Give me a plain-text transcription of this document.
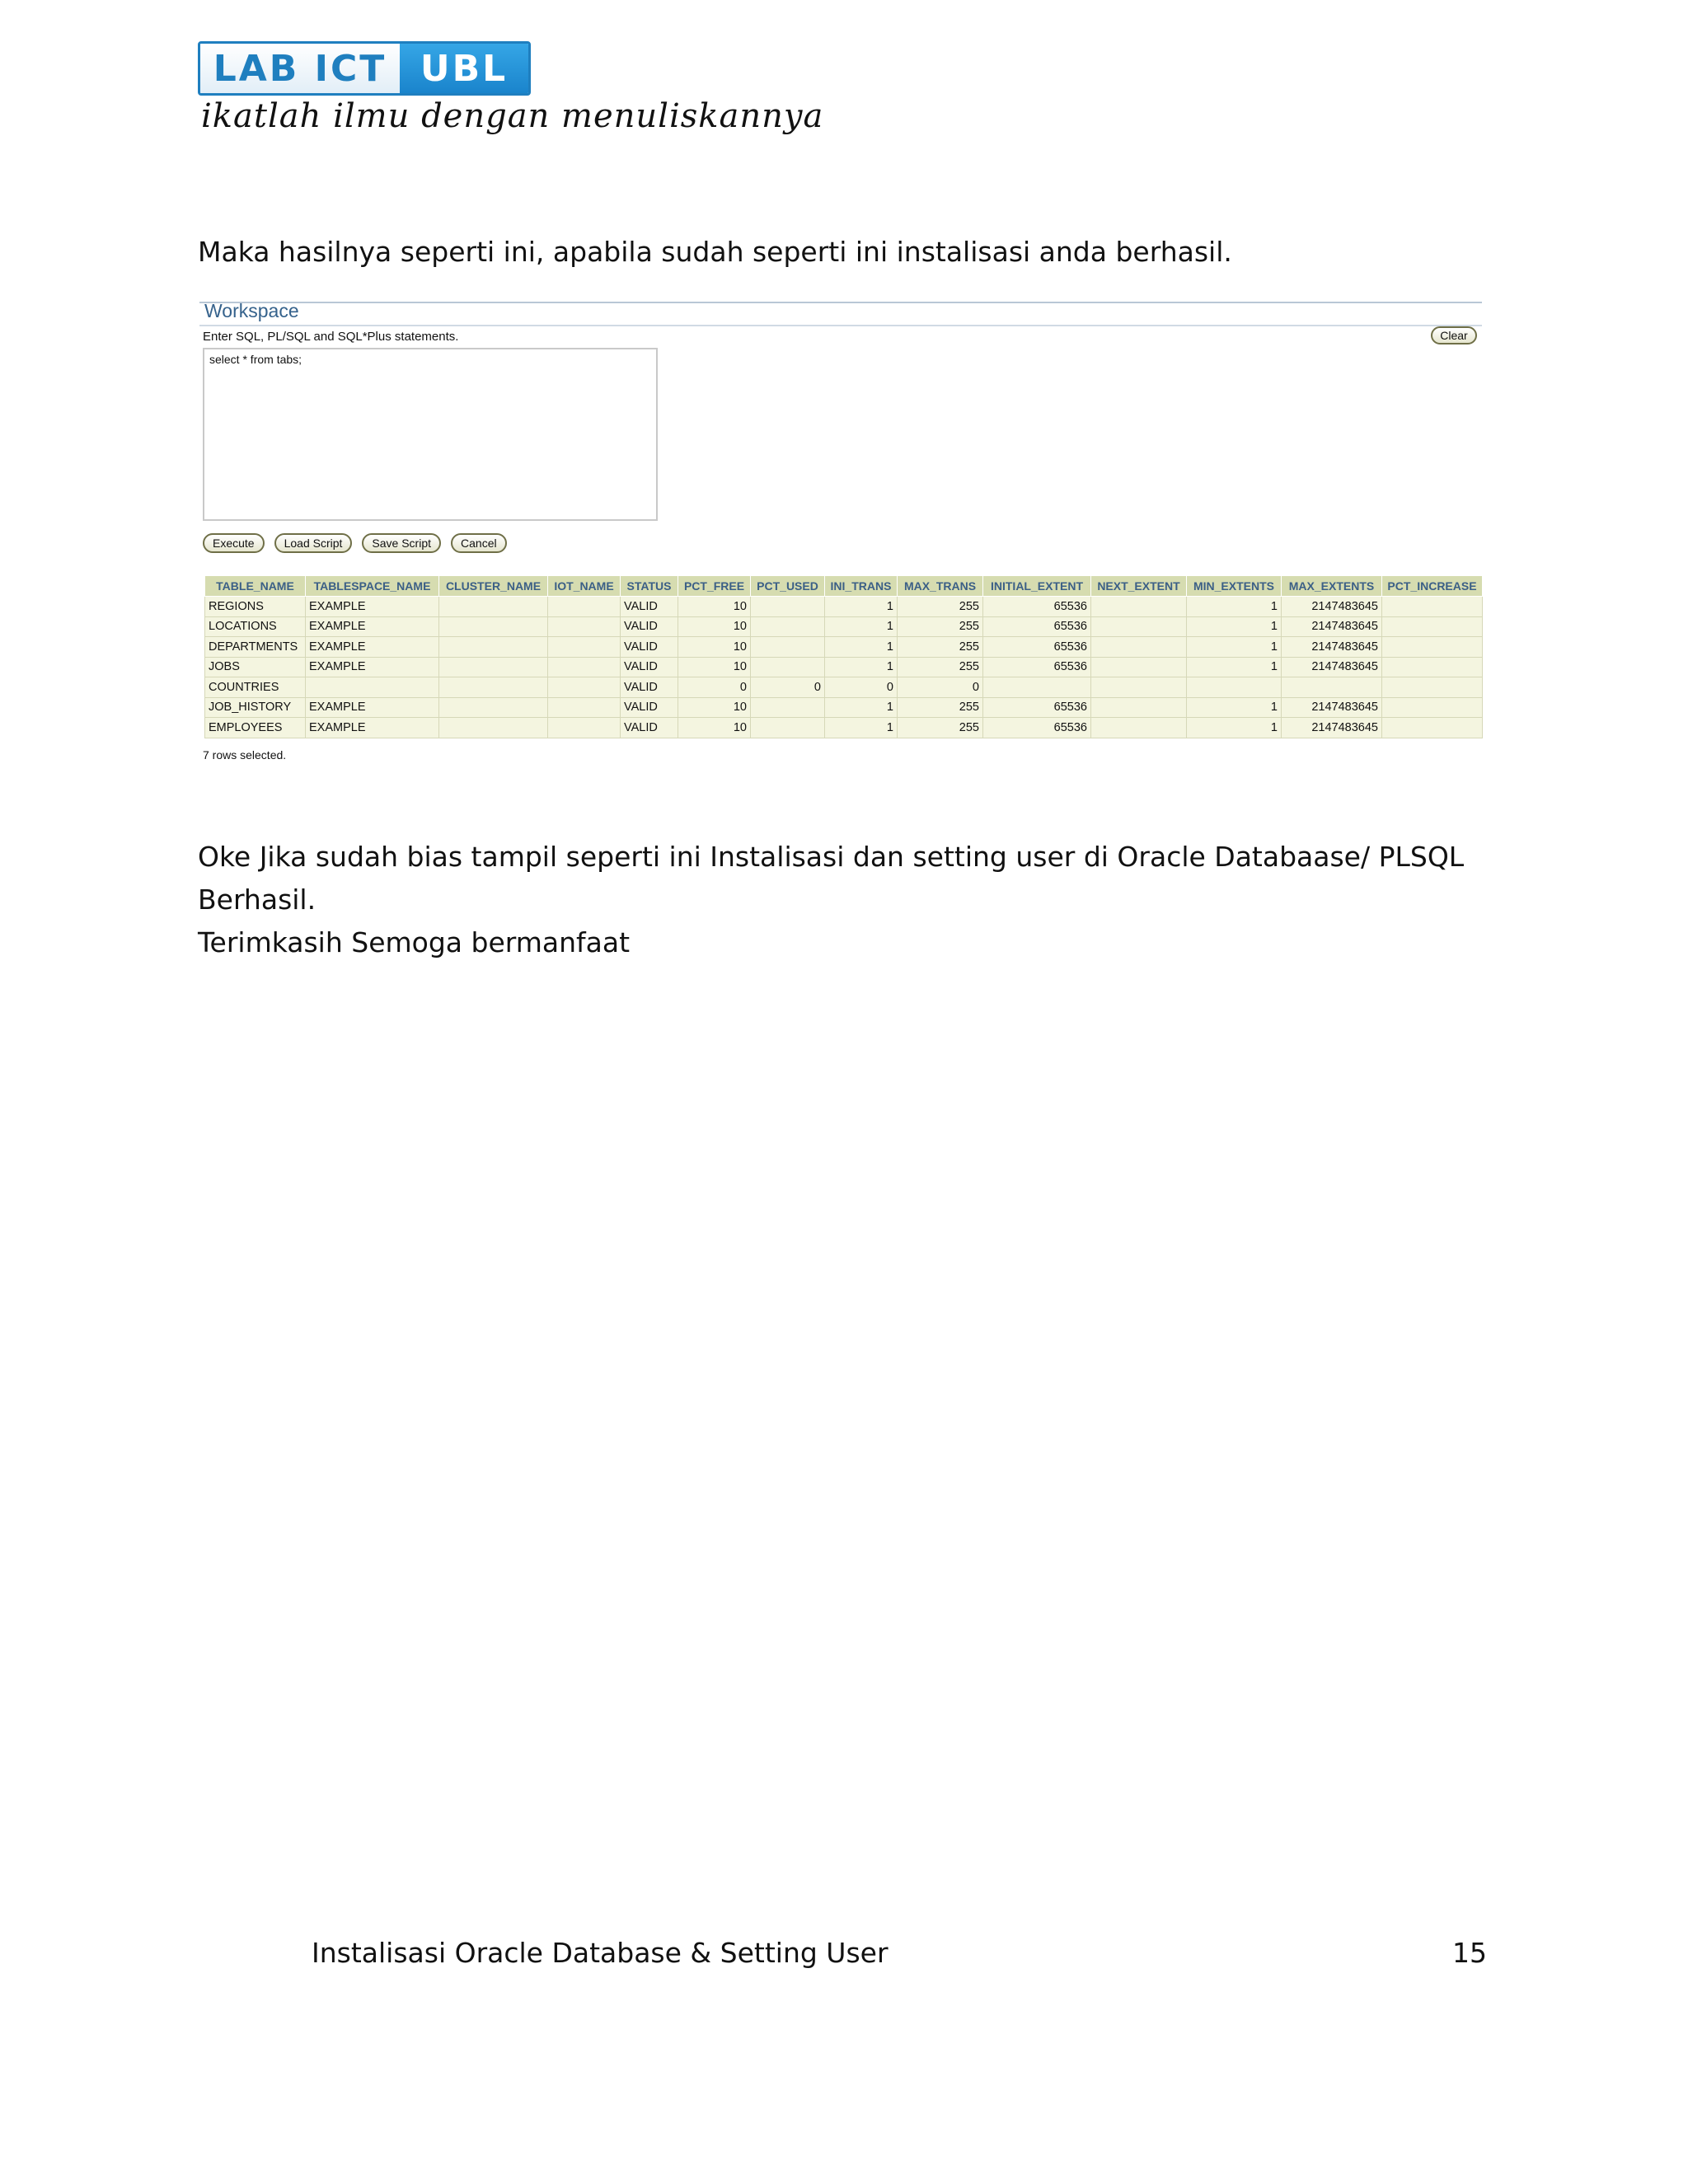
LAB ICT UBL
ikatlah ilmu dengan menuliskannya
Maka hasilnya seperti ini, apabila sudah seperti ini instalisasi anda berhasil.
Workspace
Enter SQL, PL/SQL and SQL*Plus statements.	Clear
select * from tabs;
Execute	Load Script	Save Script	Cancel
TABLE_NAME	TABLESPACE_NAME	CLUSTER_NAME	IOT_NAME	STATUS	PCT_FREE	PCT_USED	INI_TRANS	MAX_TRANS	INITIAL_EXTENT	NEXT_EXTENT	MIN_EXTENTS	MAX_EXTENTS	PCT_INCREASE
REGIONS	EXAMPLE			VALID	10		1	255	65536		1	2147483645	
LOCATIONS	EXAMPLE			VALID	10		1	255	65536		1	2147483645	
DEPARTMENTS	EXAMPLE			VALID	10		1	255	65536		1	2147483645	
JOBS	EXAMPLE			VALID	10		1	255	65536		1	2147483645	
COUNTRIES				VALID	0	0	0	0					
JOB_HISTORY	EXAMPLE			VALID	10		1	255	65536		1	2147483645	
EMPLOYEES	EXAMPLE			VALID	10		1	255	65536		1	2147483645	
7 rows selected.
Oke Jika sudah bias tampil seperti ini Instalisasi dan setting user di Oracle Databaase/ PLSQL Berhasil.
Terimkasih Semoga bermanfaat
Instalisasi Oracle Database & Setting User	15
